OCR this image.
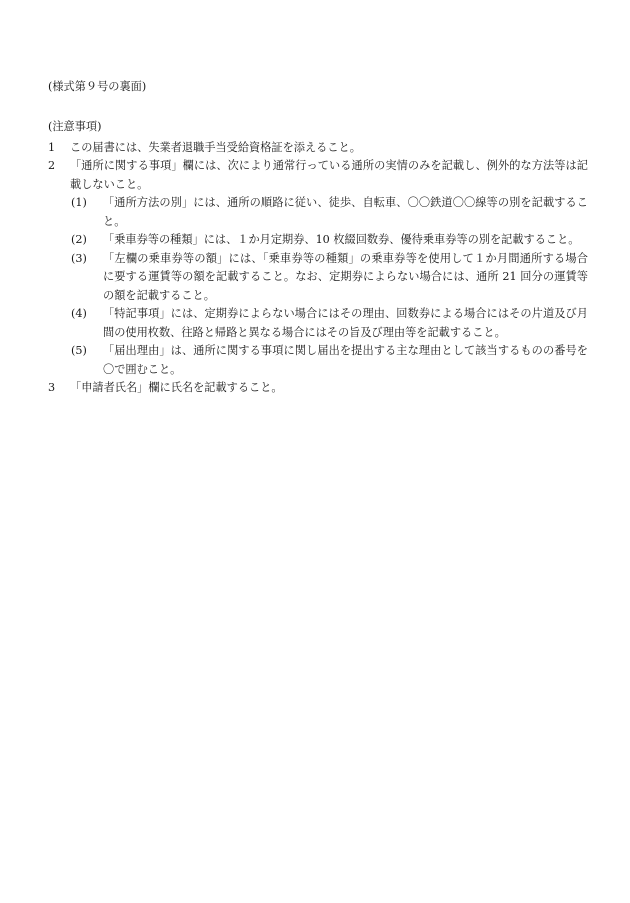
(様式第９号の裏面)
(注意事項)
1 この届書には、失業者退職手当受給資格証を添えること。
2 「通所に関する事項」欄には、次により通常行っている通所の実情のみを記載し、例外的な方法等は記載しないこと。
(1) 「通所方法の別」には、通所の順路に従い、徒歩、自転車、〇〇鉄道〇〇線等の別を記載すること。
(2) 「乗車券等の種類」には、１か月定期券、10 枚綴回数券、優待乗車券等の別を記載すること。
(3) 「左欄の乗車券等の額」には、「乗車券等の種類」の乗車券等を使用して１か月間通所する場合に要する運賃等の額を記載すること。なお、定期券によらない場合には、通所 21 回分の運賃等の額を記載すること。
(4) 「特記事項」には、定期券によらない場合にはその理由、回数券による場合にはその片道及び月間の使用枚数、往路と帰路と異なる場合にはその旨及び理由等を記載すること。
(5) 「届出理由」は、通所に関する事項に関し届出を提出する主な理由として該当するものの番号を〇で囲むこと。
3 「申請者氏名」欄に氏名を記載すること。
